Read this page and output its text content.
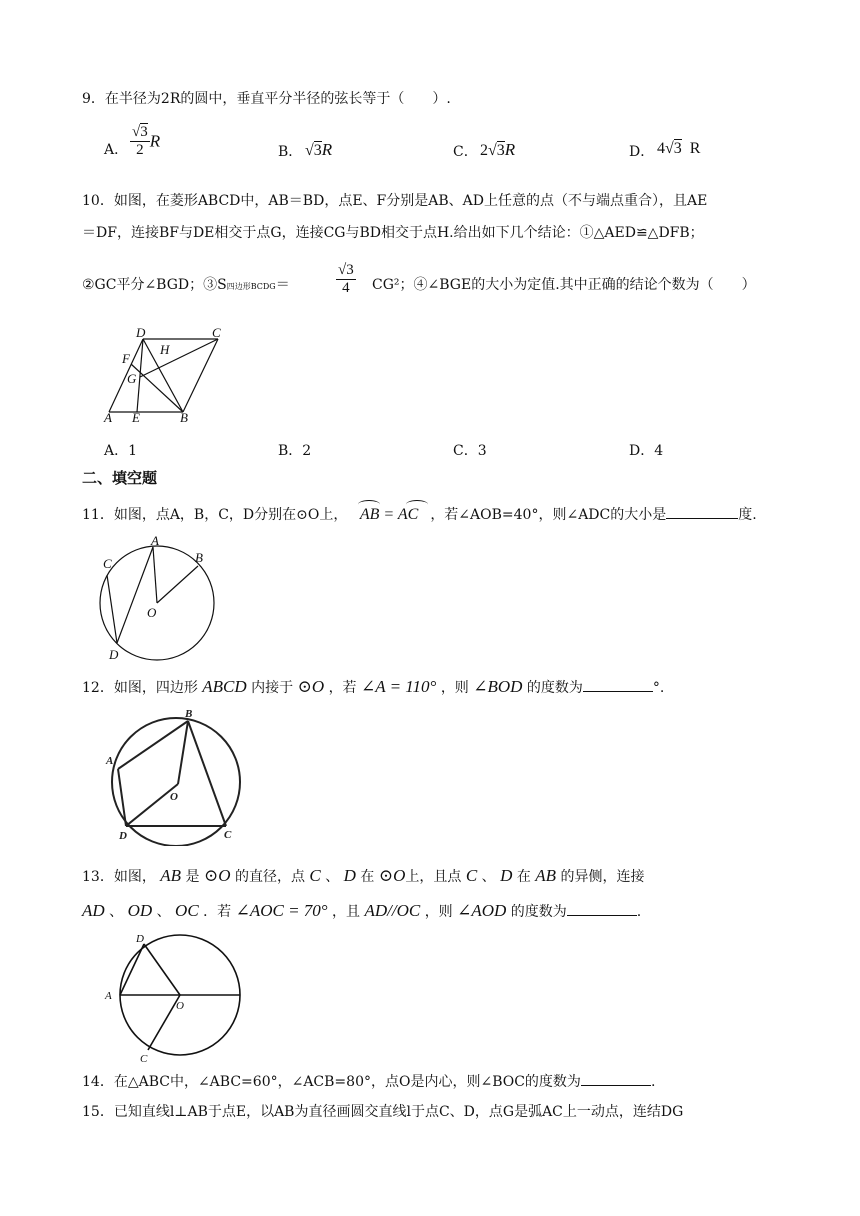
9．在半径为2R的圆中，垂直平分半径的弦长等于（　　）.
A． $\frac{√3}{2}$ R
B． √3R	C． 2√3R	D． 4√3  R
10．如图，在菱形ABCD中，AB＝BD，点E、F分别是AB、AD上任意的点（不与端点重合），且AE
＝DF，连接BF与DE相交于点G，连接CG与BD相交于点H.给出如下几个结论：①△AED≌△DFB；
②GC平分∠BGD；③S四边形BCDG＝	$\frac{√3}{4} CG^2$；④∠BGE的大小为定值.其中正确的结论个数为（　　）
D	C
F
H
G
A E	B
A．1	B．2	C．3	D．4
二、填空题
11．如图，点A，B，C，D分别在⊙O上， AB = AC ，若∠AOB=40°，则∠ADC的大小是	度.
A
B
C
O
D
12．如图，四边形 ABCD 内接于 ⊙O ，若 ∠A = 110° ，则 ∠BOD 的度数为	°.
B
A
O
D	C
13．如图， AB 是 ⊙O 的直径，点 C 、 D 在 ⊙O上，且点 C 、 D 在 AB 的异侧，连接
AD 、 OD 、 OC ．若 ∠AOC = 70° ，且 AD//OC ，则 ∠AOD 的度数为	.
D
A
O
C
14．在△ABC中，∠ABC=60°，∠ACB=80°，点O是内心，则∠BOC的度数为	.
15．已知直线l⊥AB于点E，以AB为直径画圆交直线l于点C、D，点G是弧AC上一动点，连结DG
